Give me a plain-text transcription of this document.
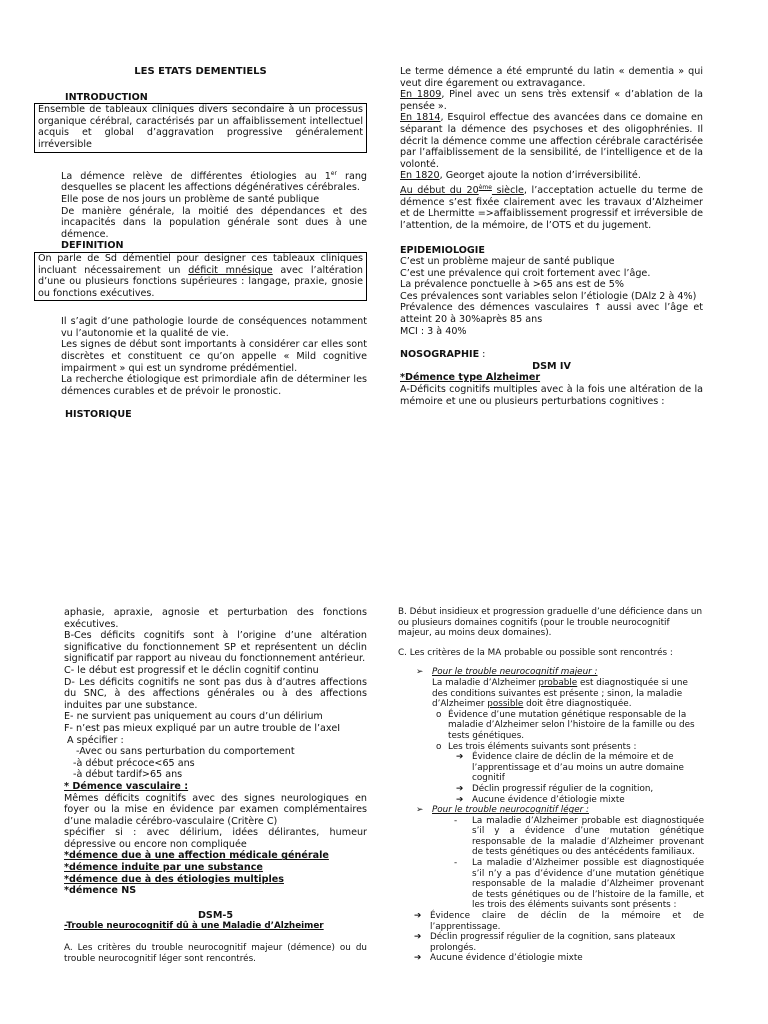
LES ETATS DEMENTIELS

INTRODUCTION

Ensemble de tableaux cliniques divers secondaire à un processus organique cérébral, caractérisés par un affaiblissement intellectuel acquis et global d’aggravation progressive généralement irréversible

La démence relève de différentes étiologies au 1er rang desquelles se placent les affections dégénératives cérébrales.

Elle pose de nos jours un problème de santé publique

De manière générale, la moitié des dépendances et des incapacités dans la population générale sont dues à une démence.

DEFINITION

On parle de Sd démentiel pour designer ces tableaux cliniques incluant nécessairement un déficit mnésique avec l’altération d’une ou plusieurs fonctions supérieures : langage, praxie, gnosie ou fonctions exécutives.

Il s’agit d’une pathologie lourde de conséquences notamment vu l’autonomie et la qualité de vie.

Les signes de début sont importants à considérer car elles sont discrètes et constituent ce qu’on appelle « Mild cognitive impairment » qui est un syndrome prédémentiel.

La recherche étiologique est primordiale afin de déterminer les démences curables et de prévoir le pronostic.

HISTORIQUE

Le terme démence a été emprunté du latin « dementia » qui veut dire égarement ou extravagance.

En 1809, Pinel avec un sens très extensif « d’ablation de la pensée ».

En 1814, Esquirol effectue des avancées dans ce domaine en séparant la démence des psychoses et des oligophrénies. Il décrit la démence comme une affection cérébrale caractérisée par l’affaiblissement de la sensibilité, de l’intelligence et de la volonté.

En 1820, Georget ajoute la notion d’irréversibilité.

Au début du 20ème siècle, l’acceptation actuelle du terme de démence s’est fixée clairement avec les travaux d’Alzheimer et de Lhermitte =>affaiblissement progressif et irréversible de l’attention, de la mémoire, de l’OTS et du jugement.

EPIDEMIOLOGIE

C’est un problème majeur de santé publique

C’est une prévalence qui croit fortement avec l’âge.

La prévalence ponctuelle à >65 ans est de 5%

Ces prévalences sont variables selon l’étiologie (DAlz 2 à 4%)

Prévalence des démences vasculaires ↑ aussi avec l’âge et atteint 20 à 30%après 85 ans

MCI : 3 à 40%

NOSOGRAPHIE :

DSM IV

*Démence type Alzheimer

A-Déficits cognitifs multiples avec à la fois une altération de la mémoire et une ou plusieurs perturbations cognitives :

aphasie, apraxie, agnosie et perturbation des fonctions exécutives.

B-Ces déficits cognitifs sont à l’origine d’une altération significative du fonctionnement SP et représentent un déclin significatif par rapport au niveau du fonctionnement antérieur.

C- le début est progressif et le déclin cognitif continu

D- Les déficits cognitifs ne sont pas dus à d’autres affections du SNC, à des affections générales ou à des affections induites par une substance.

E- ne survient pas uniquement au cours d’un délirium

F- n’est pas mieux expliqué par un autre trouble de l’axeI

A spécifier :

-Avec ou sans perturbation du comportement

-à début précoce<65 ans

-à début tardif>65 ans

* Démence vasculaire :

Mêmes déficits cognitifs avec des signes neurologiques en foyer ou la mise en évidence par examen complémentaires d’une maladie cérébro-vasculaire (Critère C)

spécifier si : avec délirium, idées délirantes, humeur dépressive ou encore non compliquée

*démence due à une affection médicale générale

*démence induite par une substance

*démence due à des étiologies multiples

*démence NS

DSM-5

-Trouble neurocognitif dû à une Maladie d’Alzheimer

A. Les critères du trouble neurocognitif majeur (démence) ou du trouble neurocognitif léger sont rencontrés.

B. Début insidieux et progression graduelle d’une déficience dans un ou plusieurs domaines cognitifs (pour le trouble neurocognitif majeur, au moins deux domaines).

C. Les critères de la MA probable ou possible sont rencontrés :

➢ Pour le trouble neurocognitif majeur :

La maladie d’Alzheimer probable est diagnostiquée si une des conditions suivantes est présente ; sinon, la maladie d’Alzheimer possible doit être diagnostiquée.

o Évidence d’une mutation génétique responsable de la maladie d’Alzheimer selon l’histoire de la famille ou des tests génétiques.

o Les trois éléments suivants sont présents :

➔ Évidence claire de déclin de la mémoire et de l’apprentissage et d’au moins un autre domaine cognitif

➔ Déclin progressif régulier de la cognition,

➔ Aucune évidence d’étiologie mixte

➢ Pour le trouble neurocognitif léger :

- La maladie d’Alzheimer probable est diagnostiquée s’il y a évidence d’une mutation génétique responsable de la maladie d’Alzheimer provenant de tests génétiques ou des antécédents familiaux.

- La maladie d’Alzheimer possible est diagnostiquée s’il n’y a pas d’évidence d’une mutation génétique responsable de la maladie d’Alzheimer provenant de tests génétiques ou de l’histoire de la famille, et les trois des éléments suivants sont présents :

➔ Évidence claire de déclin de la mémoire et de l’apprentissage.

➔ Déclin progressif régulier de la cognition, sans plateaux prolongés.

➔ Aucune évidence d’étiologie mixte
